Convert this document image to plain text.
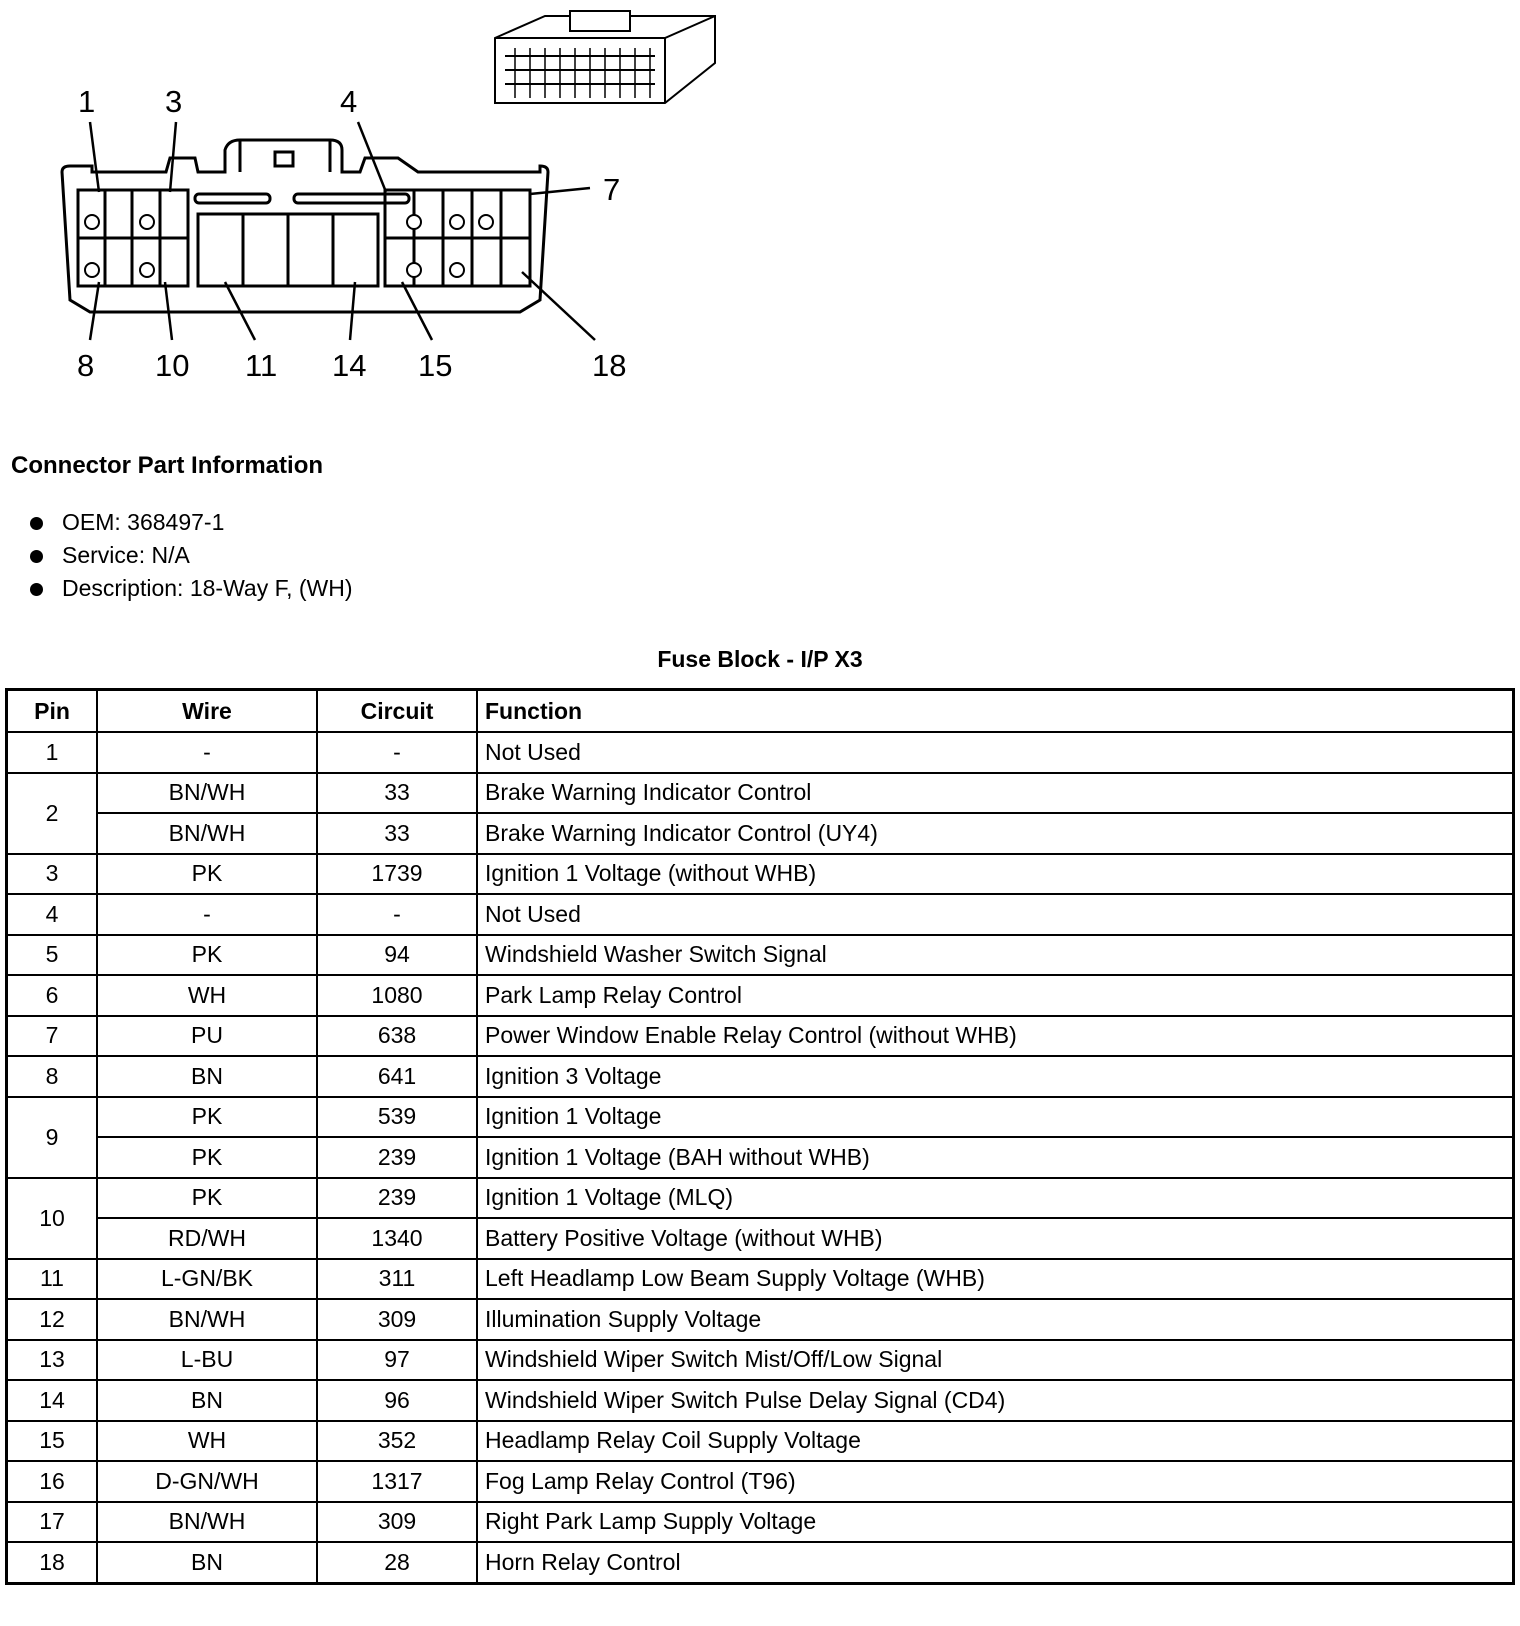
1 3	4
7
8 10 11 14 15	18
Connector Part Information
OEM: 368497-1
Service: N/A
Description: 18-Way F, (WH)
Fuse Block - I/P X3
Pin	Wire	Circuit	Function
1	-	-	Not Used
2	BN/WH	33	Brake Warning Indicator Control
	BN/WH	33	Brake Warning Indicator Control (UY4)
3	PK	1739	Ignition 1 Voltage (without WHB)
4	-	-	Not Used
5	PK	94	Windshield Washer Switch Signal
6	WH	1080	Park Lamp Relay Control
7	PU	638	Power Window Enable Relay Control (without WHB)
8	BN	641	Ignition 3 Voltage
9	PK	539	Ignition 1 Voltage
	PK	239	Ignition 1 Voltage (BAH without WHB)
10	PK	239	Ignition 1 Voltage (MLQ)
	RD/WH	1340	Battery Positive Voltage (without WHB)
11	L-GN/BK	311	Left Headlamp Low Beam Supply Voltage (WHB)
12	BN/WH	309	Illumination Supply Voltage
13	L-BU	97	Windshield Wiper Switch Mist/Off/Low Signal
14	BN	96	Windshield Wiper Switch Pulse Delay Signal (CD4)
15	WH	352	Headlamp Relay Coil Supply Voltage
16	D-GN/WH	1317	Fog Lamp Relay Control (T96)
17	BN/WH	309	Right Park Lamp Supply Voltage
18	BN	28	Horn Relay Control
